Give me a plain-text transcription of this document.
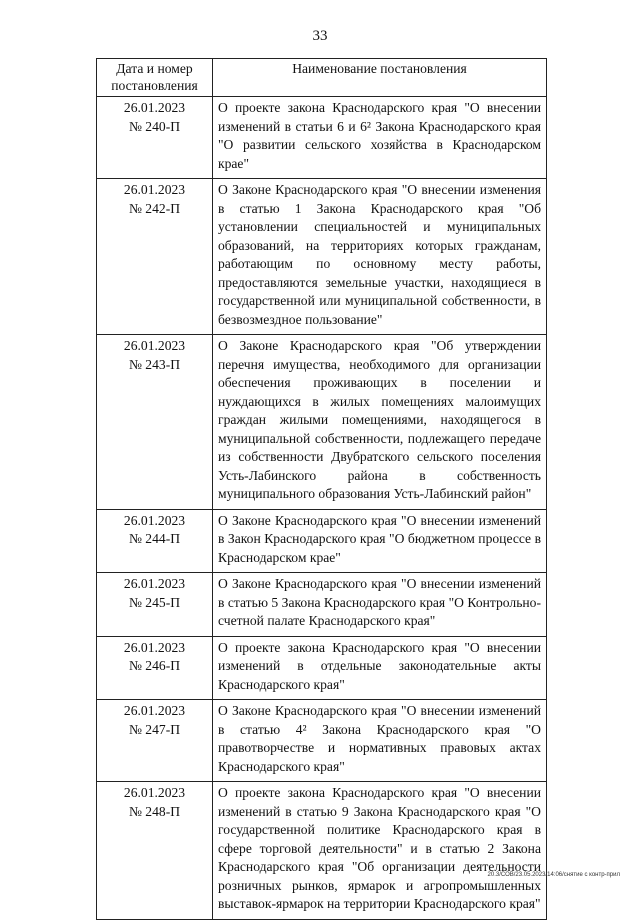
33
Дата и номер постановления	Наименование постановления

26.01.2023
№ 240-П	О проекте закона Краснодарского края "О внесении изменений в статьи 6 и 6² Закона Краснодарского края "О развитии сельского хозяйства в Краснодарском крае"

26.01.2023
№ 242-П	О Законе Краснодарского края "О внесении изменения в статью 1 Закона Краснодарского края "Об установлении специальностей и муниципальных образований, на территориях которых гражданам, работающим по основному месту работы, предоставляются земельные участки, находящиеся в государственной или муниципальной собственности, в безвозмездное пользование"

26.01.2023
№ 243-П	О Законе Краснодарского края "Об утверждении перечня имущества, необходимого для организации обеспечения проживающих в поселении и нуждающихся в жилых помещениях малоимущих граждан жилыми помещениями, находящегося в муниципальной собственности, подлежащего передаче из собственности Двубратского сельского поселения Усть-Лабинского района в собственность муниципального образования Усть-Лабинский район"

26.01.2023
№ 244-П	О Законе Краснодарского края "О внесении изменений в Закон Краснодарского края "О бюджетном процессе в Краснодарском крае"

26.01.2023
№ 245-П	О Законе Краснодарского края "О внесении изменений в статью 5 Закона Краснодарского края "О Контрольно-счетной палате Краснодарского края"

26.01.2023
№ 246-П	О проекте закона Краснодарского края "О внесении изменений в отдельные законодательные акты Краснодарского края"

26.01.2023
№ 247-П	О Законе Краснодарского края "О внесении изменений в статью 4² Закона Краснодарского края "О правотворчестве и нормативных правовых актах Краснодарского края"

26.01.2023
№ 248-П	О проекте закона Краснодарского края "О внесении изменений в статью 9 Закона Краснодарского края "О государственной политике Краснодарского края в сфере торговой деятельности" и в статью 2 Закона Краснодарского края "Об организации деятельности розничных рынков, ярмарок и агропромышленных выставок-ярмарок на территории Краснодарского края"
20.3/СОВ/23.05.2023/14:06/снятие с контр-прил
